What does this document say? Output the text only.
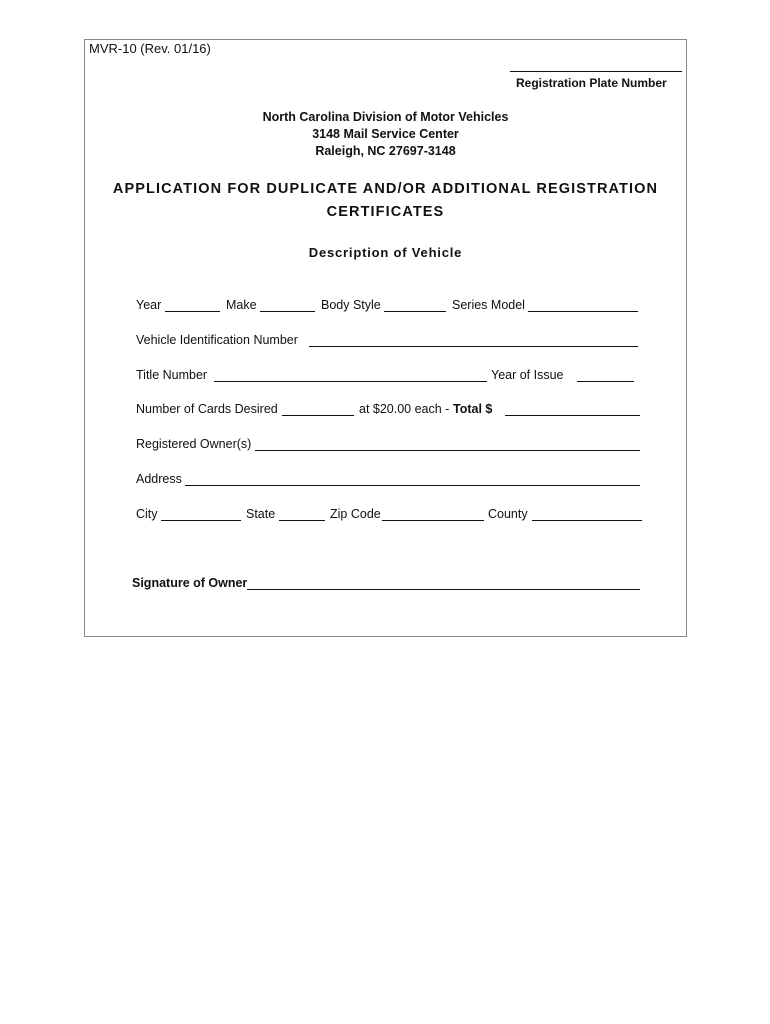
MVR-10 (Rev. 01/16)
Registration Plate Number
North Carolina Division of Motor Vehicles
3148 Mail Service Center
Raleigh, NC 27697-3148
APPLICATION FOR DUPLICATE AND/OR ADDITIONAL REGISTRATION
CERTIFICATES
Description of Vehicle
Year	Make	Body Style	Series Model
Vehicle Identification Number
Title Number	Year of Issue
Number of Cards Desired	at $20.00 each - Total $
Registered Owner(s)
Address
City	State	Zip Code	County
Signature of Owner
